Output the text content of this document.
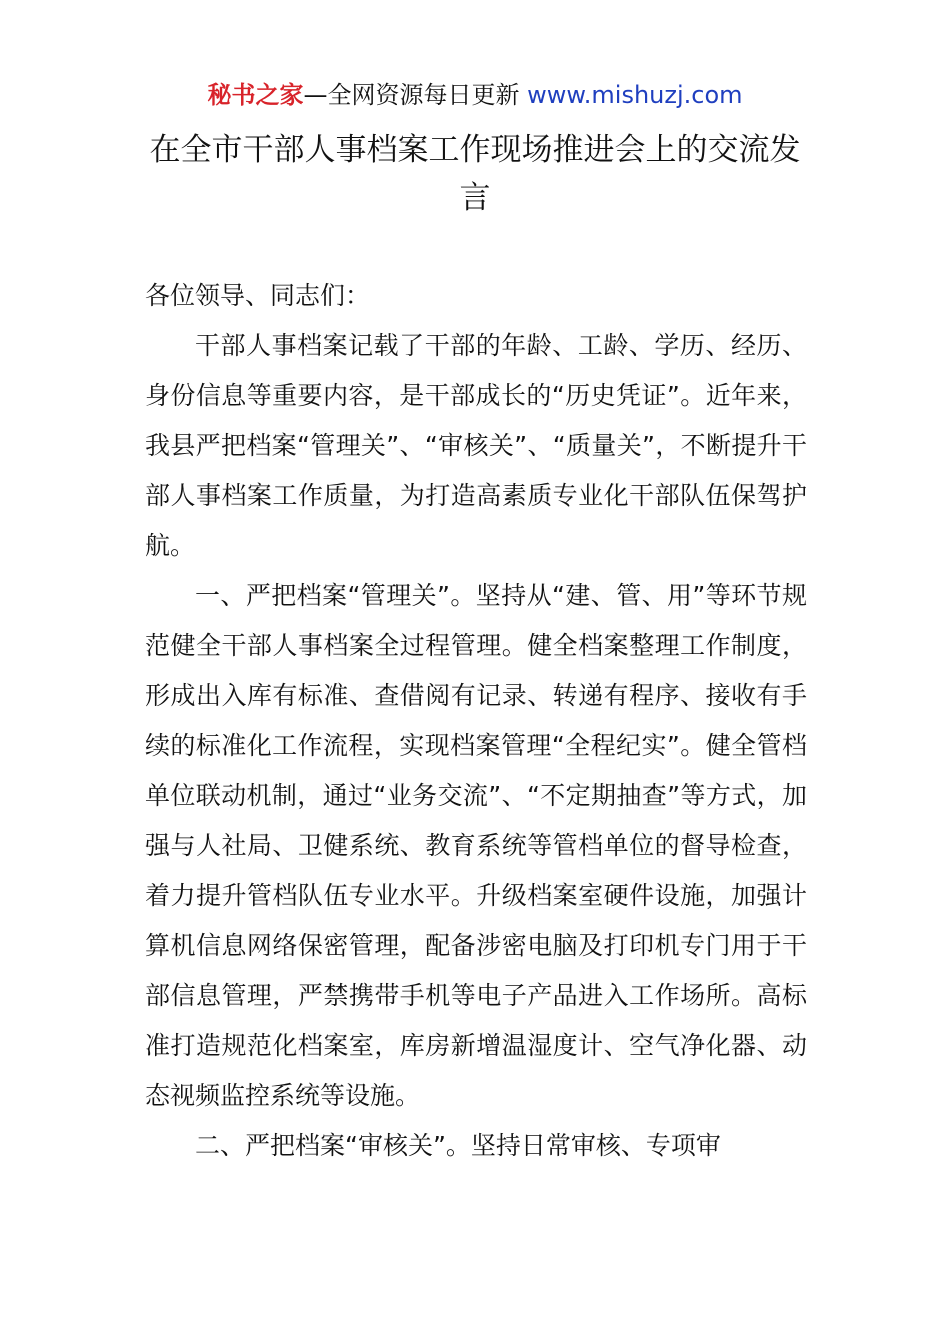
秘书之家—全网资源每日更新 www.mishuzj.com
在全市干部人事档案工作现场推进会上的交流发言

各位领导、同志们：

干部人事档案记载了干部的年龄、工龄、学历、经历、身份信息等重要内容，是干部成长的“历史凭证”。近年来，我县严把档案“管理关”、“审核关”、“质量关”，不断提升干部人事档案工作质量，为打造高素质专业化干部队伍保驾护航。

一、严把档案“管理关”。坚持从“建、管、用”等环节规范健全干部人事档案全过程管理。健全档案整理工作制度，形成出入库有标准、查借阅有记录、转递有程序、接收有手续的标准化工作流程，实现档案管理“全程纪实”。健全管档单位联动机制，通过“业务交流”、“不定期抽查”等方式，加强与人社局、卫健系统、教育系统等管档单位的督导检查，着力提升管档队伍专业水平。升级档案室硬件设施，加强计算机信息网络保密管理，配备涉密电脑及打印机专门用于干部信息管理，严禁携带手机等电子产品进入工作场所。高标准打造规范化档案室，库房新增温湿度计、空气净化器、动态视频监控系统等设施。

二、严把档案“审核关”。坚持日常审核、专项审
